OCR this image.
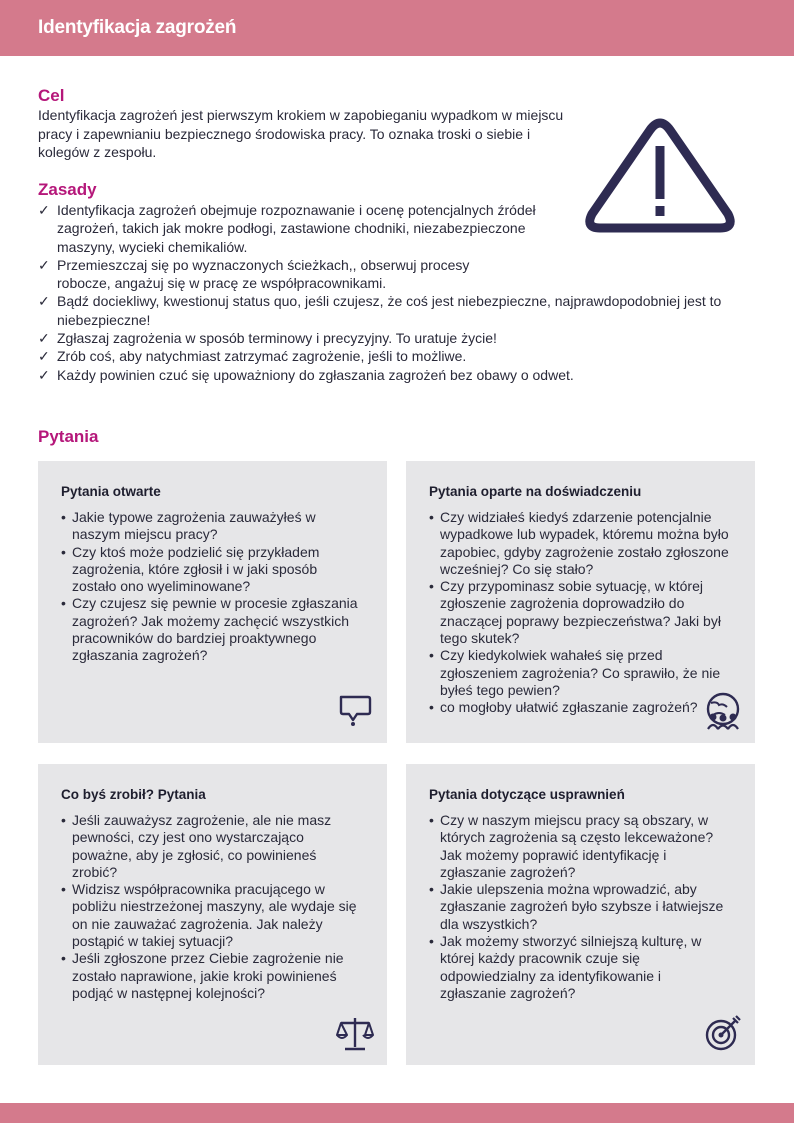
Identyfikacja zagrożeń
Cel
Identyfikacja zagrożeń jest pierwszym krokiem w zapobieganiu wypadkom w miejscu pracy i zapewnianiu bezpiecznego środowiska pracy. To oznaka troski o siebie i kolegów z zespołu.
Zasady
✓ Identyfikacja zagrożeń obejmuje rozpoznawanie i ocenę potencjalnych źródeł zagrożeń, takich jak mokre podłogi, zastawione chodniki, niezabezpieczone maszyny, wycieki chemikaliów.
✓ Przemieszczaj się po wyznaczonych ścieżkach,, obserwuj procesy robocze, angażuj się w pracę ze współpracownikami.
✓ Bądź dociekliwy, kwestionuj status quo, jeśli czujesz, że coś jest niebezpieczne, najprawdopodobniej jest to niebezpieczne!
✓ Zgłaszaj zagrożenia w sposób terminowy i precyzyjny. To uratuje życie!
✓ Zrób coś, aby natychmiast zatrzymać zagrożenie, jeśli to możliwe.
✓ Każdy powinien czuć się upoważniony do zgłaszania zagrożeń bez obawy o odwet.
Pytania
Pytania otwarte
• Jakie typowe zagrożenia zauważyłeś w naszym miejscu pracy?
• Czy ktoś może podzielić się przykładem zagrożenia, które zgłosił i w jaki sposób zostało ono wyeliminowane?
• Czy czujesz się pewnie w procesie zgłaszania zagrożeń? Jak możemy zachęcić wszystkich pracowników do bardziej proaktywnego zgłaszania zagrożeń?
Pytania oparte na doświadczeniu
• Czy widziałeś kiedyś zdarzenie potencjalnie wypadkowe lub wypadek, któremu można było zapobiec, gdyby zagrożenie zostało zgłoszone wcześniej? Co się stało?
• Czy przypominasz sobie sytuację, w której zgłoszenie zagrożenia doprowadziło do znaczącej poprawy bezpieczeństwa? Jaki był tego skutek?
• Czy kiedykolwiek wahałeś się przed zgłoszeniem zagrożenia? Co sprawiło, że nie byłeś tego pewien?
• co mogłoby ułatwić zgłaszanie zagrożeń?
Co byś zrobił? Pytania
• Jeśli zauważysz zagrożenie, ale nie masz pewności, czy jest ono wystarczająco poważne, aby je zgłosić, co powinieneś zrobić?
• Widzisz współpracownika pracującego w pobliżu niestrzeżonej maszyny, ale wydaje się on nie zauważać zagrożenia. Jak należy postąpić w takiej sytuacji?
• Jeśli zgłoszone przez Ciebie zagrożenie nie zostało naprawione, jakie kroki powinieneś podjąć w następnej kolejności?
Pytania dotyczące usprawnień
• Czy w naszym miejscu pracy są obszary, w których zagrożenia są często lekceważone? Jak możemy poprawić identyfikację i zgłaszanie zagrożeń?
• Jakie ulepszenia można wprowadzić, aby zgłaszanie zagrożeń było szybsze i łatwiejsze dla wszystkich?
• Jak możemy stworzyć silniejszą kulturę, w której każdy pracownik czuje się odpowiedzialny za identyfikowanie i zgłaszanie zagrożeń?
